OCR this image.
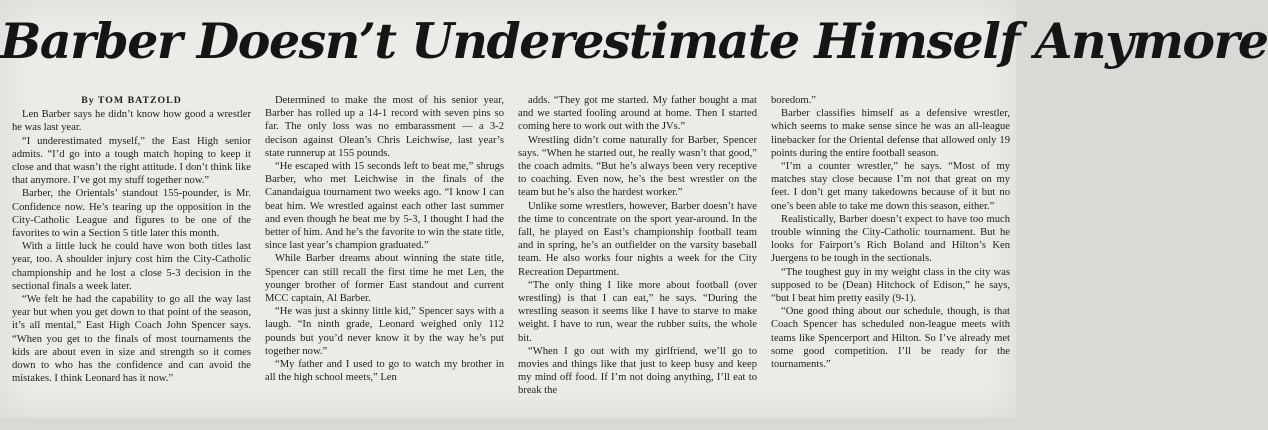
Barber Doesn’t Underestimate Himself Anymore
By TOM BATZOLD

Len Barber says he didn’t know how good a wrestler he was last year.

“I underestimated myself,” the East High senior admits. “I’d go into a tough match hoping to keep it close and that wasn’t the right attitude. I don’t think like that anymore. I’ve got my stuff together now.”

Barber, the Orientals’ standout 155-pounder, is Mr. Confidence now. He’s tearing up the opposition in the City-Catholic League and figures to be one of the favorites to win a Section 5 title later this month.

With a little luck he could have won both titles last year, too. A shoulder injury cost him the City-Catholic championship and he lost a close 5-3 decision in the sectional finals a week later.

“We felt he had the capability to go all the way last year but when you get down to that point of the season, it’s all mental,” East High Coach John Spencer says. “When you get to the finals of most tournaments the kids are about even in size and strength so it comes down to who has the confidence and can avoid the mistakes. I think Leonard has it now.”

Determined to make the most of his senior year, Barber has rolled up a 14-1 record with seven pins so far. The only loss was no embarassment — a 3-2 decison against Olean’s Chris Leichwise, last year’s state runnerup at 155 pounds.

“He escaped with 15 seconds left to beat me,” shrugs Barber, who met Leichwise in the finals of the Canandaigua tournament two weeks ago. “I know I can beat him. We wrestled against each other last summer and even though he beat me by 5-3, I thought I had the better of him. And he’s the favorite to win the state title, since last year’s champion graduated.”

While Barber dreams about winning the state title, Spencer can still recall the first time he met Len, the younger brother of former East standout and current MCC captain, Al Barber.

“He was just a skinny little kid,” Spencer says with a laugh. “In ninth grade, Leonard weighed only 112 pounds but you’d never know it by the way he’s put together now.”

“My father and I used to go to watch my brother in all the high school meets,” Len

adds. “They got me started. My father bought a mat and we started fooling around at home. Then I started coming here to work out with the JVs.”

Wrestling didn’t come naturally for Barber, Spencer says. “When he started out, he really wasn’t that good,” the coach admits. “But he’s always been very receptive to coaching. Even now, he’s the best wrestler on the team but he’s also the hardest worker.”

Unlike some wrestlers, however, Barber doesn’t have the time to concentrate on the sport year-around. In the fall, he played on East’s championship football team and in spring, he’s an outfielder on the varsity baseball team. He also works four nights a week for the City Recreation Department.

“The only thing I like more about football (over wrestling) is that I can eat,” he says. “During the wrestling season it seems like I have to starve to make weight. I have to run, wear the rubber suits, the whole bit.

“When I go out with my girlfriend, we’ll go to movies and things like that just to keep busy and keep my mind off food. If I’m not doing anything, I’ll eat to break the

boredom.”

Barber classifies himself as a defensive wrestler, which seems to make sense since he was an all-league linebacker for the Oriental defense that allowed only 19 points during the entire football season.

“I’m a counter wrestler,” he says. “Most of my matches stay close because I’m not that great on my feet. I don’t get many takedowns because of it but no one’s been able to take me down this season, either.”

Realistically, Barber doesn’t expect to have too much trouble winning the City-Catholic tournament. But he looks for Fairport’s Rich Boland and Hilton’s Ken Juergens to be tough in the sectionals.

“The toughest guy in my weight class in the city was supposed to be (Dean) Hitchock of Edison,” he says, “but I beat him pretty easily (9-1).

“One good thing about our schedule, though, is that Coach Spencer has scheduled non-league meets with teams like Spencerport and Hilton. So I’ve already met some good competition. I’ll be ready for the tournaments.”
